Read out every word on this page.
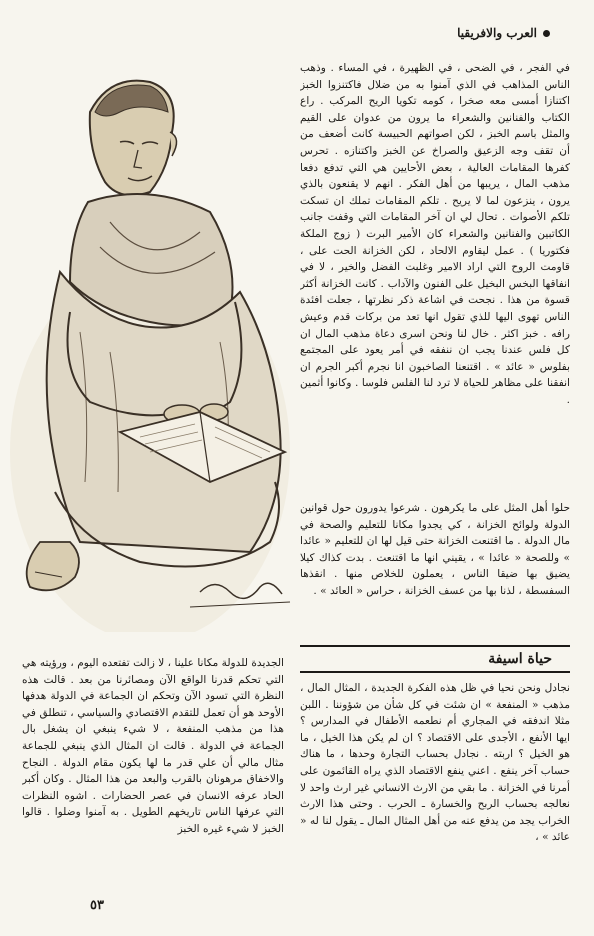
العرب والافريقيا

في الفجر ، في الضحى ، في الظهيرة ، في المساء . وذهب الناس المذاهب في الذي آمنوا به من ضلال فاكتنزوا الخبز اكتنازا أمسى معه صخرا ، كومه تكويا الريح المركب . راع الكتاب والفنانين والشعراء ما يرون من عدوان على القيم والمثل باسم الخبز ، لكن اصواتهم الحبيسة كانت أضعف من أن تقف وجه الزعيق والصراخ عن الخبز واكتنازه . تحرس كفرها المقامات العالية ، بعض الأحايين هي التي تدفع دفعا مذهب المال ، يريبها من أهل الفكر . انهم لا يقنعون بالذي يرون ، ينزعون لما لا يريح . تلكم المقامات تملك ان تسكت تلكم الأصوات . تحال لي ان آخر المقامات التي وقفت جانب الكاتبين والفنانين والشعراء كان الأمير البرت ( زوج الملكة فكتوريا ) . عمل ليقاوم الالحاد ، لكن الخزانة الحت على ، قاومت الروح التي اراد الامير وغلبت الفضل والخير ، لا في انفاقها البخس البخيل على الفنون والآداب . كانت الخزانة أكثر قسوة من هذا . نجحت في اشاعة ذكر نظرتها ، جعلت افئدة الناس تهوى اليها للذي تقول انها تعد من بركات قدم وعيش رافه . خبز اكثر . خال لنا ونحن اسرى دعاة مذهب المال ان كل فلس عندنا يجب ان ننفقه في أمر يعود على المجتمع بفلوس « عائد » . اقتنعنا الصاخبون انا نجرم أكبر الجرم ان انفقنا على مظاهر للحياة لا ترد لنا الفلس فلوسا . وكانوا أثمين .

حلوا أهل المثل على ما يكرهون . شرعوا يدورون حول قوانين الدولة ولوائح الخزانة ، كي يجدوا مكانا للتعليم والصحة في مال الدولة . ما اقتنعت الخزانة حتى قيل لها ان للتعليم « عائدا » وللصحة « عائدا » ، يقيني انها ما اقتنعت . بدت كذاك كيلا يضيق بها ضيقا الناس ، يعملون للخلاص منها . انقذها السفسطة ، لذنا بها من عسف الخزانة ، حراس « العائد » .

حياة اسيفة

نجادل ونحن نحيا في ظل هذه الفكرة الجديدة ، المثال المال ، مذهب « المنفعة » ان شئت في كل شأن من شؤوننا . اللبن مثلا اندفقه في المجاري أم نطعمه الأطفال في المدارس ؟ ايها الأنفع ، الأجدى على الاقتصاد ؟ ان لم يكن هذا الخيل ، ما هو الخيل ؟ اربته . نجادل بحساب التجارة وحدها ، ما هناك حساب آخر ينفع . اعني ينفع الاقتصاد الذي يراه القائمون على أمرنا في الخزانة . ما بقي من الارث الانساني غير ارث واحد لا نعالجه بحساب الربح والخسارة ـ الحرب . وحتى هذا الارث الخراب يجد من يدفع عنه من أهل المثال المال ـ يقول لنا له « عائد » ،

الجديدة للدولة مكانا علينا ، لا زالت تفتعده اليوم ، ورؤيته هي التي تحكم قدرنا الواقع الآن ومصائرنا من بعد . قالت هذه النظرة التي تسود الآن وتحكم ان الجماعة في الدولة هدفها الأوحد هو أن تعمل للتقدم الاقتصادي والسياسي ، تنطلق في هذا من مذهب المنفعة ، لا شيء ينبغي ان يشغل بال الجماعة في الدولة . قالت ان المثال الذي ينبغي للجماعة مثال مالي أن علي قدر ما لها يكون مقام الدولة . النجاح والاخفاق مرهونان بالقرب والبعد من هذا المثال . وكان أكبر الحاد عرفه الانسان في عصر الحضارات . اشوه النظرات التي عرفها الناس تاريخهم الطويل . به آمنوا وضلوا . قالوا الخبز لا شيء غيره الخبز

٥٣
